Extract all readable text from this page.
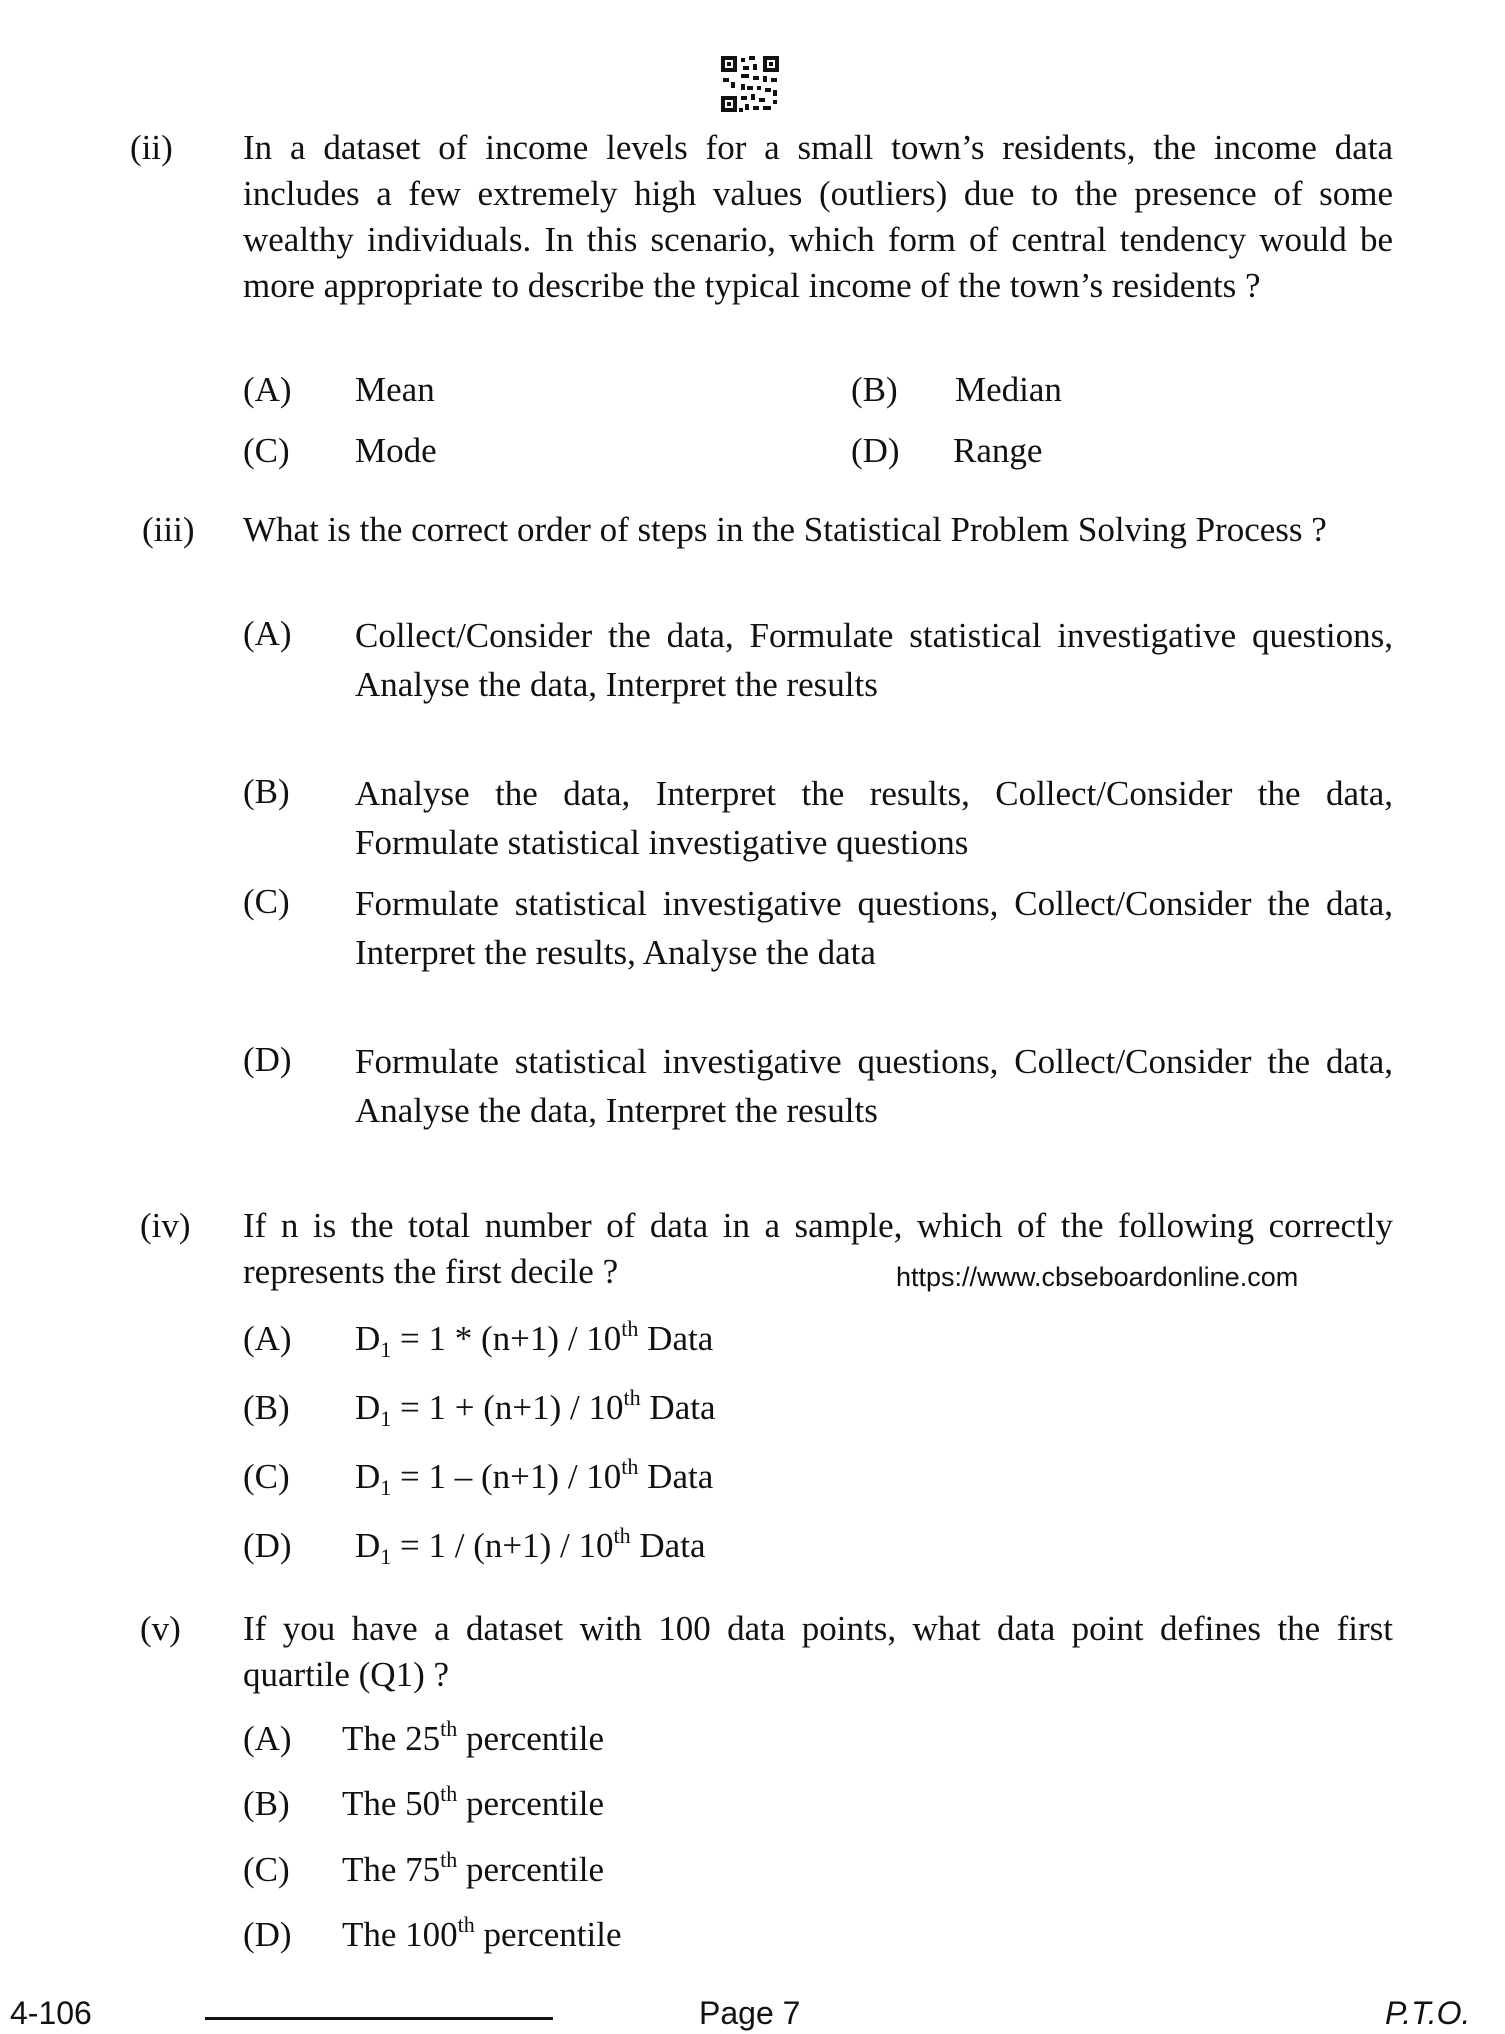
(ii) In a dataset of income levels for a small town’s residents, the income data includes a few extremely high values (outliers) due to the presence of some wealthy individuals. In this scenario, which form of central tendency would be more appropriate to describe the typical income of the town’s residents ?
(A) Mean	(B) Median
(C) Mode	(D) Range
(iii) What is the correct order of steps in the Statistical Problem Solving Process ?
(A) Collect/Consider the data, Formulate statistical investigative questions, Analyse the data, Interpret the results
(B) Analyse the data, Interpret the results, Collect/Consider the data, Formulate statistical investigative questions
(C) Formulate statistical investigative questions, Collect/Consider the data, Interpret the results, Analyse the data
(D) Formulate statistical investigative questions, Collect/Consider the data, Analyse the data, Interpret the results
(iv) If n is the total number of data in a sample, which of the following correctly represents the first decile ?	https://www.cbseboardonline.com
(A) $D_1 = 1 * (n+1) / 10th$ Data
(B) $D_1 = 1 + (n+1) / 10th$ Data
(C) $D_1 = 1 - (n+1) / 10th$ Data
(D) $D_1 = 1 / (n+1) / 10th$ Data
(v) If you have a dataset with 100 data points, what data point defines the first quartile (Q1) ?
(A) The 25th percentile
(B) The 50th percentile
(C) The 75th percentile
(D) The 100th percentile
4-106	Page 7	P.T.O.
